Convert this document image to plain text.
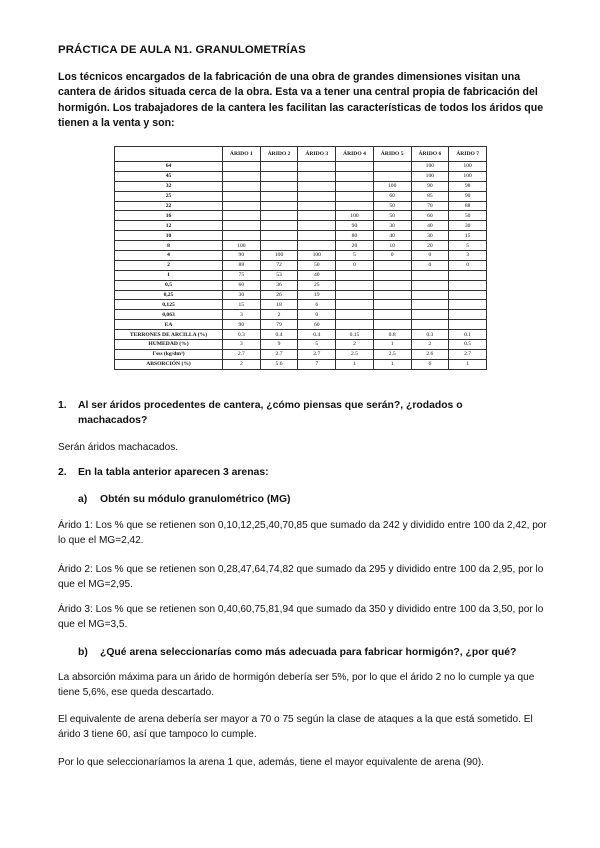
PRÁCTICA DE AULA N1. GRANULOMETRÍAS
Los técnicos encargados de la fabricación de una obra de grandes dimensiones visitan una cantera de áridos situada cerca de la obra. Esta va a tener una central propia de fabricación del hormigón. Los trabajadores de la cantera les facilitan las características de todos los áridos que tienen a la venta y son:
	ÁRIDO 1	ÁRIDO 2	ÁRIDO 3	ÁRIDO 4	ÁRIDO 5	ÁRIDO 6	ÁRIDO 7
64						100	100
45						100	100
32					100	90	98
25					60	85	90
22					50	70	88
16				100	50	60	50
12				90	30	40	30
10				80	40	30	15
8	100			20	10	20	5
4	90	100	100	5	0	0	3
2	88	72	50	0		0	0
1	75	53	40				
0,5	60	36	25				
0,25	30	26	19				
0,125	15	18	6				
0,063	3	2	0				
EA	90	79	60				
TERRONES DE ARCILLA (%)	0.3	0.4	0.4	0.15	0.8	0.3	0.1
HUMEDAD (%)	3	9	5	2	1	2	0.5
Γsss (kg/dm³)	2.7	2.7	2.7	2.5	2.5	2.6	2.7
ABSORCIÓN (%)	2	5.6	7	1	1	6	1
1. Al ser áridos procedentes de cantera, ¿cómo piensas que serán?, ¿rodados o
machacados?
Serán áridos machacados.
2. En la tabla anterior aparecen 3 arenas:
a) Obtén su módulo granulométrico (MG)
Árido 1: Los % que se retienen son 0,10,12,25,40,70,85 que sumado da 242 y dividido entre 100 da 2,42, por lo que el MG=2,42.
Árido 2: Los % que se retienen son 0,28,47,64,74,82 que sumado da 295 y dividido entre 100 da 2,95, por lo que el MG=2,95.
Árido 3: Los % que se retienen son 0,40,60,75,81,94 que sumado da 350 y dividido entre 100 da 3,50, por lo que el MG=3,5.
b) ¿Qué arena seleccionarías como más adecuada para fabricar hormigón?, ¿por qué?
La absorción máxima para un árido de hormigón debería ser 5%, por lo que el árido 2 no lo cumple ya que tiene 5,6%, ese queda descartado.
El equivalente de arena debería ser mayor a 70 o 75 según la clase de ataques a la que está sometido. El árido 3 tiene 60, así que tampoco lo cumple.
Por lo que seleccionaríamos la arena 1 que, además, tiene el mayor equivalente de arena (90).
